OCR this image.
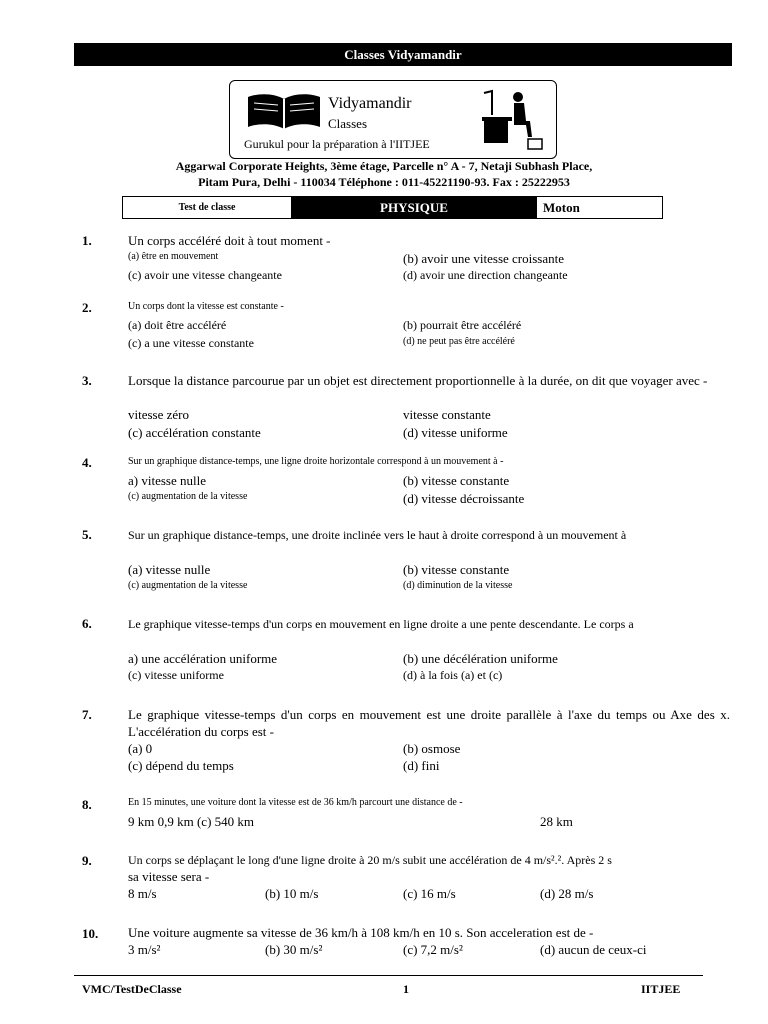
Classes Vidyamandir
Vidyamandir
Classes
Gurukul pour la préparation à l'IITJEE
Aggarwal Corporate Heights, 3ème étage, Parcelle n° A - 7, Netaji Subhash Place,
Pitam Pura, Delhi - 110034 Téléphone : 011-45221190-93. Fax : 25222953
Test de classe	PHYSIQUE	Moton
1.	Un corps accéléré doit à tout moment -
(a) être en mouvement	(b) avoir une vitesse croissante
(c) avoir une vitesse changeante	(d) avoir une direction changeante
2.	Un corps dont la vitesse est constante -
(a) doit être accéléré	(b) pourrait être accéléré
(c) a une vitesse constante	(d) ne peut pas être accéléré
3.	Lorsque la distance parcourue par un objet est directement proportionnelle à la durée, on dit que voyager avec -
vitesse zéro	vitesse constante
(c) accélération constante	(d) vitesse uniforme
4.	Sur un graphique distance-temps, une ligne droite horizontale correspond à un mouvement à -
a) vitesse nulle	(b) vitesse constante
(c) augmentation de la vitesse	(d) vitesse décroissante
5.	Sur un graphique distance-temps, une droite inclinée vers le haut à droite correspond à un mouvement à
(a) vitesse nulle	(b) vitesse constante
(c) augmentation de la vitesse	(d) diminution de la vitesse
6.	Le graphique vitesse-temps d'un corps en mouvement en ligne droite a une pente descendante. Le corps a
a) une accélération uniforme	(b) une décélération uniforme
(c) vitesse uniforme	(d) à la fois (a) et (c)
7.	Le graphique vitesse-temps d'un corps en mouvement est une droite parallèle à l'axe du temps ou Axe des x. L'accélération du corps est -
(a) 0	(b) osmose
(c) dépend du temps	(d) fini
8.	En 15 minutes, une voiture dont la vitesse est de 36 km/h parcourt une distance de -
9 km 0,9 km (c) 540 km	28 km
9.	Un corps se déplaçant le long d'une ligne droite à 20 m/s subit une accélération de 4 m/s².². Après 2 s
sa vitesse sera -
8 m/s	(b) 10 m/s	(c) 16 m/s	(d) 28 m/s
10. Une voiture augmente sa vitesse de 36 km/h à 108 km/h en 10 s. Son acceleration est de -
3 m/s²	(b) 30 m/s²	(c) 7,2 m/s²	(d) aucun de ceux-ci
VMC/TestDeClasse	1	IITJEE
